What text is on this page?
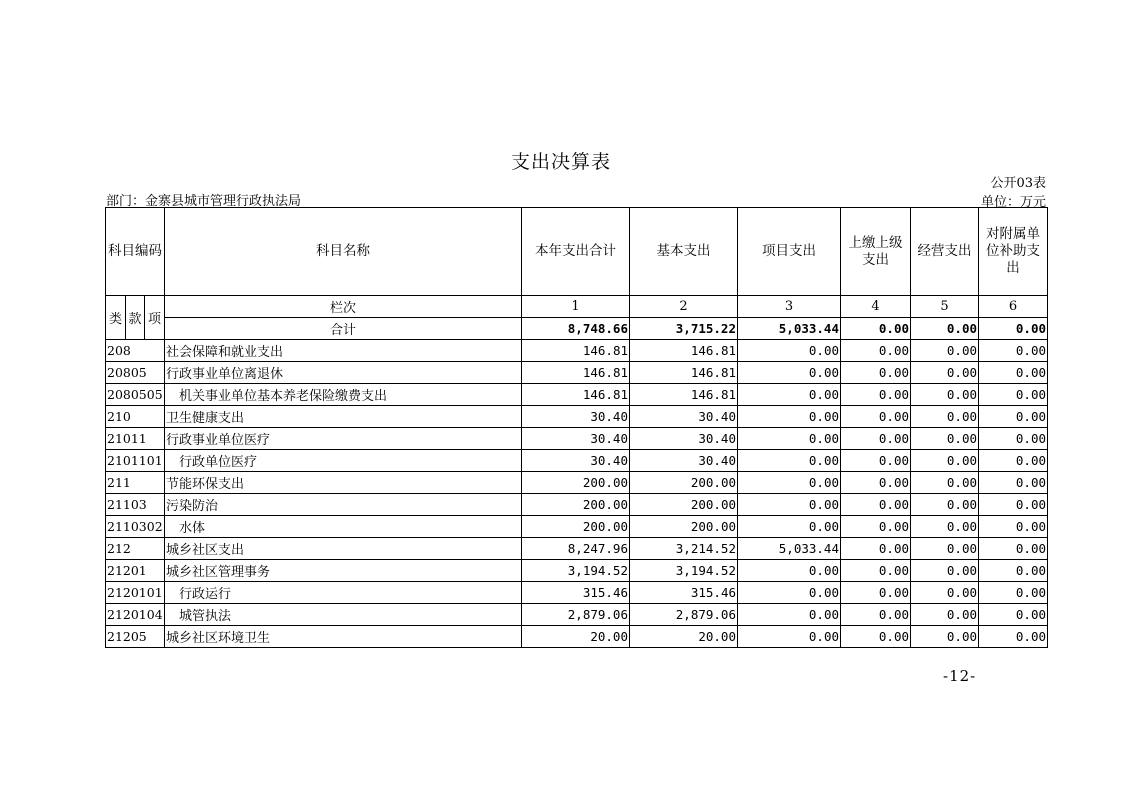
支出决算表
公开03表
部门：金寨县城市管理行政执法局	单位：万元
科目编码			科目名称	本年支出合计	基本支出	项目支出	上缴上级支出	经营支出	对附属单位补助支出
类	款	项	栏次	1	2	3	4	5	6
			合计	8,748.66	3,715.22	5,033.44	0.00	0.00	0.00
208			社会保障和就业支出	146.81	146.81	0.00	0.00	0.00	0.00
20805			行政事业单位离退休	146.81	146.81	0.00	0.00	0.00	0.00
2080505			机关事业单位基本养老保险缴费支出	146.81	146.81	0.00	0.00	0.00	0.00
210			卫生健康支出	30.40	30.40	0.00	0.00	0.00	0.00
21011			行政事业单位医疗	30.40	30.40	0.00	0.00	0.00	0.00
2101101			行政单位医疗	30.40	30.40	0.00	0.00	0.00	0.00
211			节能环保支出	200.00	200.00	0.00	0.00	0.00	0.00
21103			污染防治	200.00	200.00	0.00	0.00	0.00	0.00
2110302			水体	200.00	200.00	0.00	0.00	0.00	0.00
212			城乡社区支出	8,247.96	3,214.52	5,033.44	0.00	0.00	0.00
21201			城乡社区管理事务	3,194.52	3,194.52	0.00	0.00	0.00	0.00
2120101			行政运行	315.46	315.46	0.00	0.00	0.00	0.00
2120104			城管执法	2,879.06	2,879.06	0.00	0.00	0.00	0.00
21205			城乡社区环境卫生	20.00	20.00	0.00	0.00	0.00	0.00
-12-
